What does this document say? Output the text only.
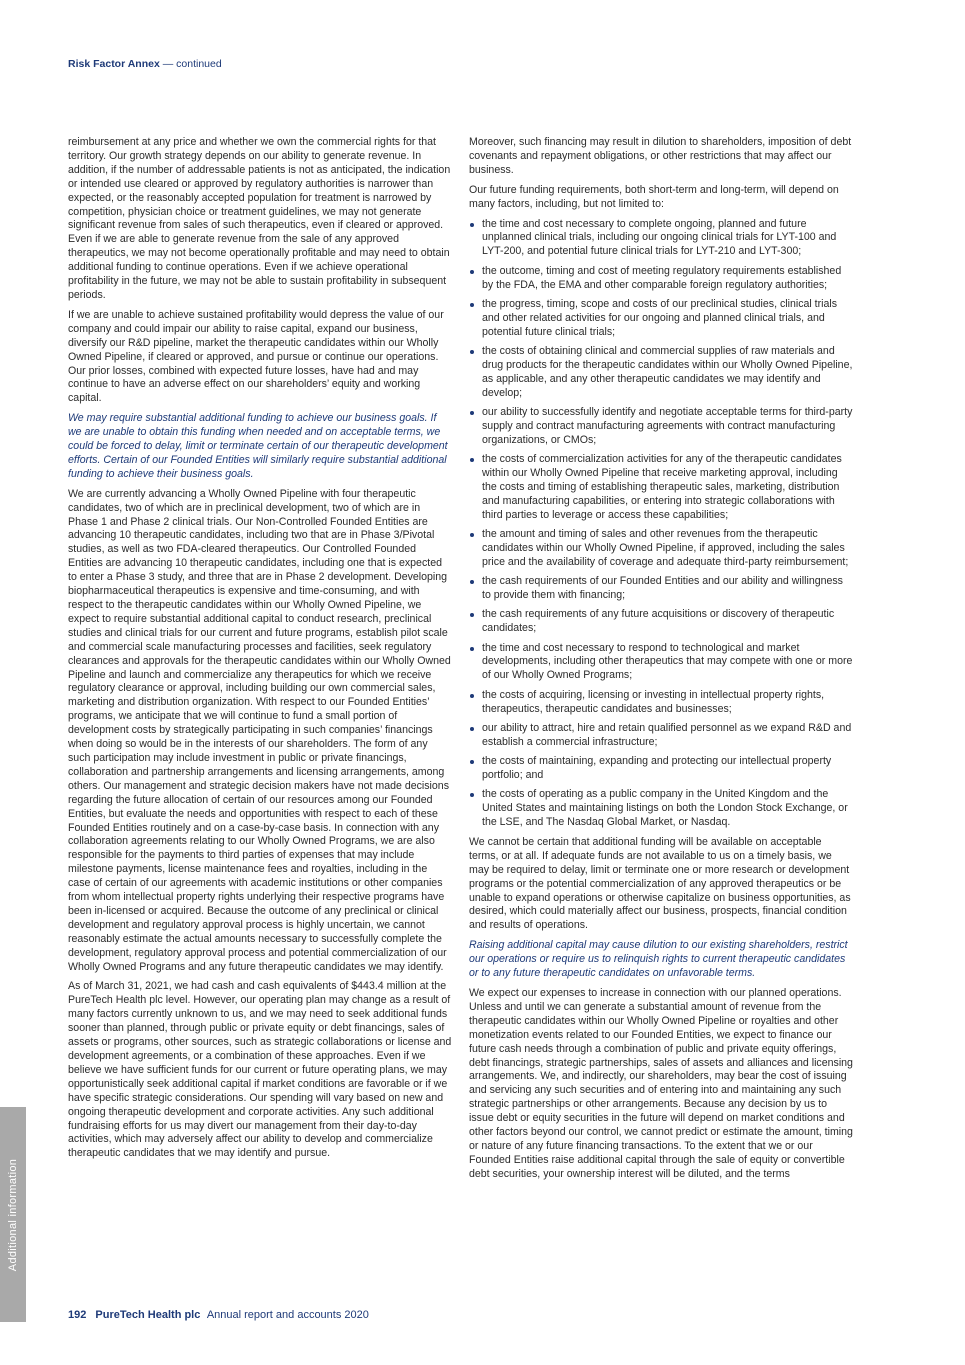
Risk Factor Annex — continued

reimbursement at any price and whether we own the commercial rights for that territory. Our growth strategy depends on our ability to generate revenue. In addition, if the number of addressable patients is not as anticipated, the indication or intended use cleared or approved by regulatory authorities is narrower than expected, or the reasonably accepted population for treatment is narrowed by competition, physician choice or treatment guidelines, we may not generate significant revenue from sales of such therapeutics, even if cleared or approved. Even if we are able to generate revenue from the sale of any approved therapeutics, we may not become operationally profitable and may need to obtain additional funding to continue operations. Even if we achieve operational profitability in the future, we may not be able to sustain profitability in subsequent periods.

If we are unable to achieve sustained profitability would depress the value of our company and could impair our ability to raise capital, expand our business, diversify our R&D pipeline, market the therapeutic candidates within our Wholly Owned Pipeline, if cleared or approved, and pursue or continue our operations. Our prior losses, combined with expected future losses, have had and may continue to have an adverse effect on our shareholders’ equity and working capital.

We may require substantial additional funding to achieve our business goals. If we are unable to obtain this funding when needed and on acceptable terms, we could be forced to delay, limit or terminate certain of our therapeutic development efforts. Certain of our Founded Entities will similarly require substantial additional funding to achieve their business goals.

We are currently advancing a Wholly Owned Pipeline with four therapeutic candidates, two of which are in preclinical development, two of which are in Phase 1 and Phase 2 clinical trials. Our Non-Controlled Founded Entities are advancing 10 therapeutic candidates, including two that are in Phase 3/Pivotal studies, as well as two FDA-cleared therapeutics. Our Controlled Founded Entities are advancing 10 therapeutic candidates, including one that is expected to enter a Phase 3 study, and three that are in Phase 2 development. Developing biopharmaceutical therapeutics is expensive and time-consuming, and with respect to the therapeutic candidates within our Wholly Owned Pipeline, we expect to require substantial additional capital to conduct research, preclinical studies and clinical trials for our current and future programs, establish pilot scale and commercial scale manufacturing processes and facilities, seek regulatory clearances and approvals for the therapeutic candidates within our Wholly Owned Pipeline and launch and commercialize any therapeutics for which we receive regulatory clearance or approval, including building our own commercial sales, marketing and distribution organization. With respect to our Founded Entities’ programs, we anticipate that we will continue to fund a small portion of development costs by strategically participating in such companies’ financings when doing so would be in the interests of our shareholders. The form of any such participation may include investment in public or private financings, collaboration and partnership arrangements and licensing arrangements, among others. Our management and strategic decision makers have not made decisions regarding the future allocation of certain of our resources among our Founded Entities, but evaluate the needs and opportunities with respect to each of these Founded Entities routinely and on a case-by-case basis. In connection with any collaboration agreements relating to our Wholly Owned Programs, we are also responsible for the payments to third parties of expenses that may include milestone payments, license maintenance fees and royalties, including in the case of certain of our agreements with academic institutions or other companies from whom intellectual property rights underlying their respective programs have been in-licensed or acquired. Because the outcome of any preclinical or clinical development and regulatory approval process is highly uncertain, we cannot reasonably estimate the actual amounts necessary to successfully complete the development, regulatory approval process and potential commercialization of our Wholly Owned Programs and any future therapeutic candidates we may identify.

As of March 31, 2021, we had cash and cash equivalents of $443.4 million at the PureTech Health plc level. However, our operating plan may change as a result of many factors currently unknown to us, and we may need to seek additional funds sooner than planned, through public or private equity or debt financings, sales of assets or programs, other sources, such as strategic collaborations or license and development agreements, or a combination of these approaches. Even if we believe we have sufficient funds for our current or future operating plans, we may opportunistically seek additional capital if market conditions are favorable or if we have specific strategic considerations. Our spending will vary based on new and ongoing therapeutic development and corporate activities. Any such additional fundraising efforts for us may divert our management from their day-to-day activities, which may adversely affect our ability to develop and commercialize therapeutic candidates that we may identify and pursue.

Moreover, such financing may result in dilution to shareholders, imposition of debt covenants and repayment obligations, or other restrictions that may affect our business.

Our future funding requirements, both short-term and long-term, will depend on many factors, including, but not limited to:

the time and cost necessary to complete ongoing, planned and future unplanned clinical trials, including our ongoing clinical trials for LYT-100 and LYT-200, and potential future clinical trials for LYT-210 and LYT-300;
the outcome, timing and cost of meeting regulatory requirements established by the FDA, the EMA and other comparable foreign regulatory authorities;
the progress, timing, scope and costs of our preclinical studies, clinical trials and other related activities for our ongoing and planned clinical trials, and potential future clinical trials;
the costs of obtaining clinical and commercial supplies of raw materials and drug products for the therapeutic candidates within our Wholly Owned Pipeline, as applicable, and any other therapeutic candidates we may identify and develop;
our ability to successfully identify and negotiate acceptable terms for third-party supply and contract manufacturing agreements with contract manufacturing organizations, or CMOs;
the costs of commercialization activities for any of the therapeutic candidates within our Wholly Owned Pipeline that receive marketing approval, including the costs and timing of establishing therapeutic sales, marketing, distribution and manufacturing capabilities, or entering into strategic collaborations with third parties to leverage or access these capabilities;
the amount and timing of sales and other revenues from the therapeutic candidates within our Wholly Owned Pipeline, if approved, including the sales price and the availability of coverage and adequate third-party reimbursement;
the cash requirements of our Founded Entities and our ability and willingness to provide them with financing;
the cash requirements of any future acquisitions or discovery of therapeutic candidates;
the time and cost necessary to respond to technological and market developments, including other therapeutics that may compete with one or more of our Wholly Owned Programs;
the costs of acquiring, licensing or investing in intellectual property rights, therapeutics, therapeutic candidates and businesses;
our ability to attract, hire and retain qualified personnel as we expand R&D and establish a commercial infrastructure;
the costs of maintaining, expanding and protecting our intellectual property portfolio; and
the costs of operating as a public company in the United Kingdom and the United States and maintaining listings on both the London Stock Exchange, or the LSE, and The Nasdaq Global Market, or Nasdaq.

We cannot be certain that additional funding will be available on acceptable terms, or at all. If adequate funds are not available to us on a timely basis, we may be required to delay, limit or terminate one or more research or development programs or the potential commercialization of any approved therapeutics or be unable to expand operations or otherwise capitalize on business opportunities, as desired, which could materially affect our business, prospects, financial condition and results of operations.

Raising additional capital may cause dilution to our existing shareholders, restrict our operations or require us to relinquish rights to current therapeutic candidates or to any future therapeutic candidates on unfavorable terms.

We expect our expenses to increase in connection with our planned operations. Unless and until we can generate a substantial amount of revenue from the therapeutic candidates within our Wholly Owned Pipeline or royalties and other monetization events related to our Founded Entities, we expect to finance our future cash needs through a combination of public and private equity offerings, debt financings, strategic partnerships, sales of assets and alliances and licensing arrangements. We, and indirectly, our shareholders, may bear the cost of issuing and servicing any such securities and of entering into and maintaining any such strategic partnerships or other arrangements. Because any decision by us to issue debt or equity securities in the future will depend on market conditions and other factors beyond our control, we cannot predict or estimate the amount, timing or nature of any future financing transactions. To the extent that we or our Founded Entities raise additional capital through the sale of equity or convertible debt securities, your ownership interest will be diluted, and the terms

Additional information
192 PureTech Health plc Annual report and accounts 2020
